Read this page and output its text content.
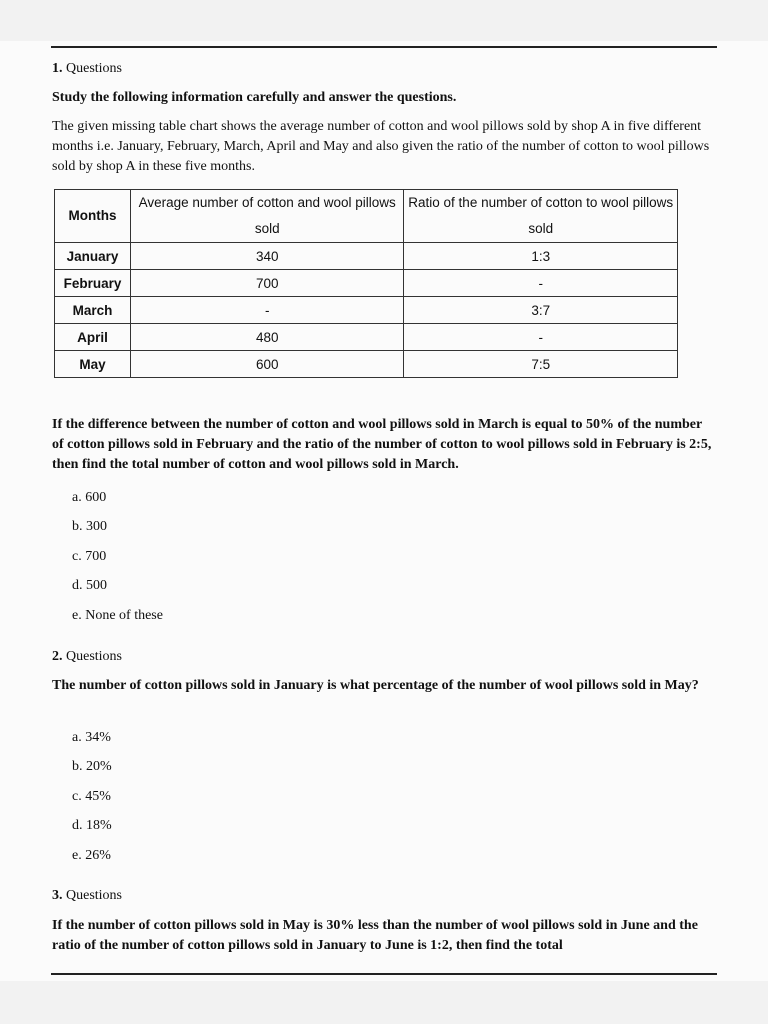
1. Questions
Study the following information carefully and answer the questions.
The given missing table chart shows the average number of cotton and wool pillows sold by shop A in five different months i.e. January, February, March, April and May and also given the ratio of the number of cotton to wool pillows sold by shop A in these five months.
Months	Average number of cotton and wool pillows sold	Ratio of the number of cotton to wool pillows sold
January	340	1:3
February	700	-
March	-	3:7
April	480	-
May	600	7:5
If the difference between the number of cotton and wool pillows sold in March is equal to 50% of the number of cotton pillows sold in February and the ratio of the number of cotton to wool pillows sold in February is 2:5, then find the total number of cotton and wool pillows sold in March.
a. 600
b. 300
c. 700
d. 500
e. None of these
2. Questions
The number of cotton pillows sold in January is what percentage of the number of wool pillows sold in May?
a. 34%
b. 20%
c. 45%
d. 18%
e. 26%
3. Questions
If the number of cotton pillows sold in May is 30% less than the number of wool pillows sold in June and the ratio of the number of cotton pillows sold in January to June is 1:2, then find the total
